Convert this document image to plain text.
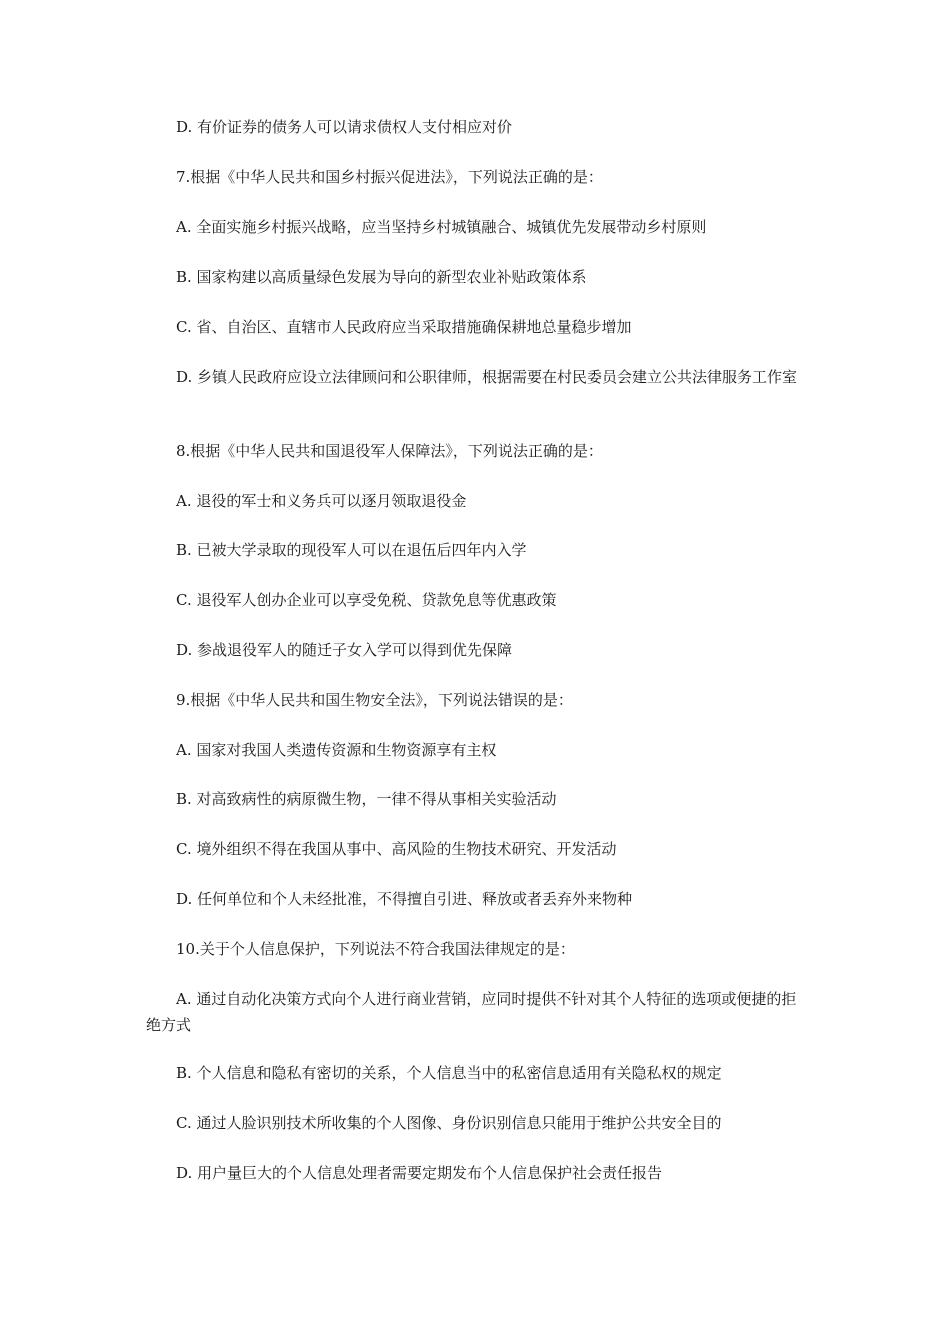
D. 有价证券的债务人可以请求债权人支付相应对价

7.根据《中华人民共和国乡村振兴促进法》，下列说法正确的是：

A. 全面实施乡村振兴战略，应当坚持乡村城镇融合、城镇优先发展带动乡村原则

B. 国家构建以高质量绿色发展为导向的新型农业补贴政策体系

C. 省、自治区、直辖市人民政府应当采取措施确保耕地总量稳步增加

D. 乡镇人民政府应设立法律顾问和公职律师，根据需要在村民委员会建立公共法律服务工作室

8.根据《中华人民共和国退役军人保障法》，下列说法正确的是：

A. 退役的军士和义务兵可以逐月领取退役金

B. 已被大学录取的现役军人可以在退伍后四年内入学

C. 退役军人创办企业可以享受免税、贷款免息等优惠政策

D. 参战退役军人的随迁子女入学可以得到优先保障

9.根据《中华人民共和国生物安全法》，下列说法错误的是：

A. 国家对我国人类遗传资源和生物资源享有主权

B. 对高致病性的病原微生物，一律不得从事相关实验活动

C. 境外组织不得在我国从事中、高风险的生物技术研究、开发活动

D. 任何单位和个人未经批准，不得擅自引进、释放或者丢弃外来物种

10.关于个人信息保护，下列说法不符合我国法律规定的是：

A. 通过自动化决策方式向个人进行商业营销，应同时提供不针对其个人特征的选项或便捷的拒绝方式

B. 个人信息和隐私有密切的关系，个人信息当中的私密信息适用有关隐私权的规定

C. 通过人脸识别技术所收集的个人图像、身份识别信息只能用于维护公共安全目的

D. 用户量巨大的个人信息处理者需要定期发布个人信息保护社会责任报告
